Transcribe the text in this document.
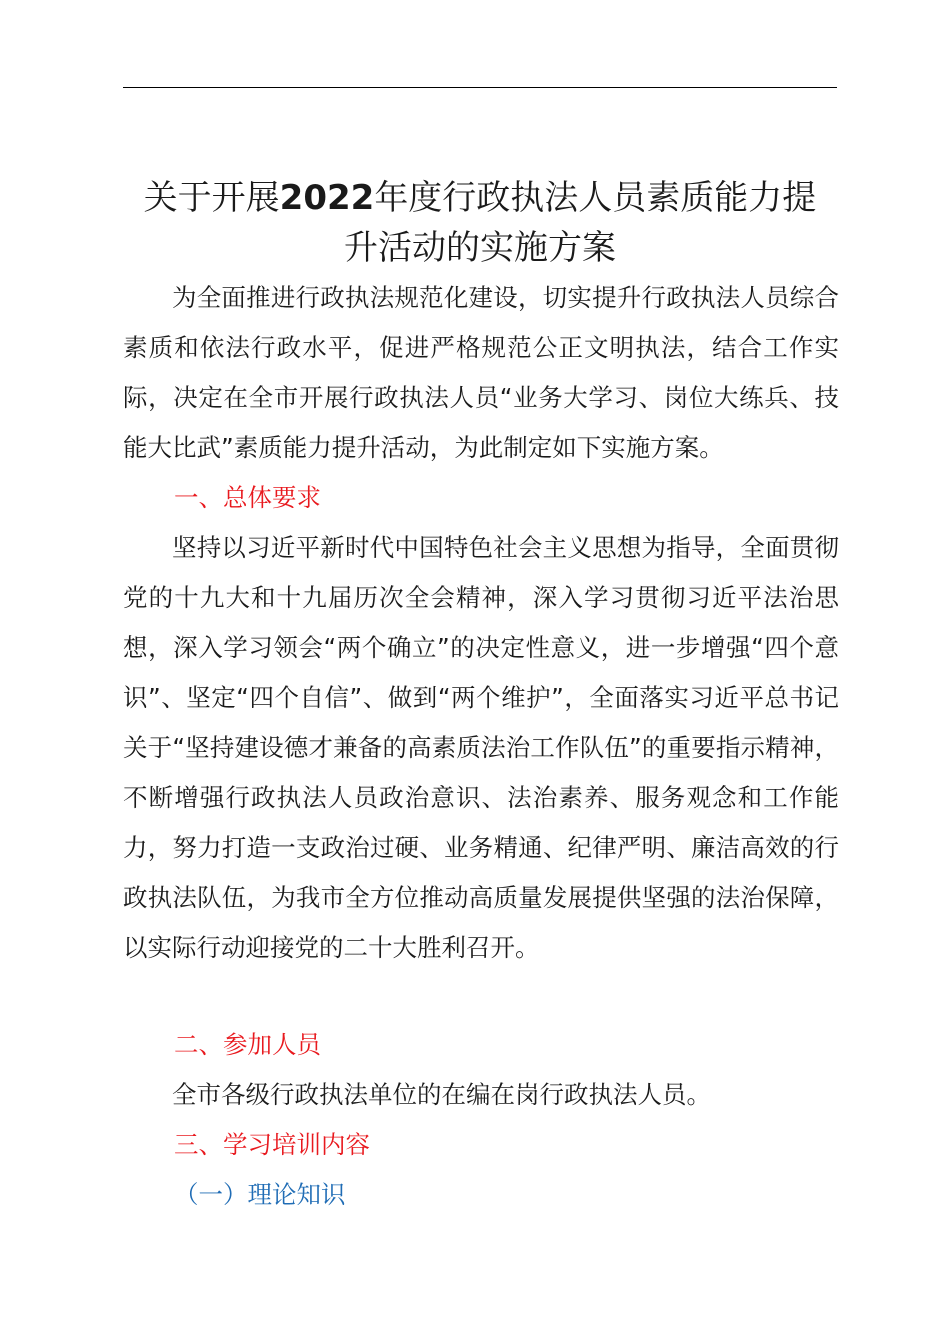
关于开展2022年度行政执法人员素质能力提
升活动的实施方案

为全面推进行政执法规范化建设，切实提升行政执法人员综合素质和依法行政水平，促进严格规范公正文明执法，结合工作实际，决定在全市开展行政执法人员“业务大学习、岗位大练兵、技能大比武”素质能力提升活动，为此制定如下实施方案。

一、总体要求

坚持以习近平新时代中国特色社会主义思想为指导，全面贯彻党的十九大和十九届历次全会精神，深入学习贯彻习近平法治思想，深入学习领会“两个确立”的决定性意义，进一步增强“四个意识”、坚定“四个自信”、做到“两个维护”，全面落实习近平总书记关于“坚持建设德才兼备的高素质法治工作队伍”的重要指示精神，不断增强行政执法人员政治意识、法治素养、服务观念和工作能力，努力打造一支政治过硬、业务精通、纪律严明、廉洁高效的行政执法队伍，为我市全方位推动高质量发展提供坚强的法治保障，以实际行动迎接党的二十大胜利召开。

二、参加人员

全市各级行政执法单位的在编在岗行政执法人员。

三、学习培训内容

（一）理论知识
